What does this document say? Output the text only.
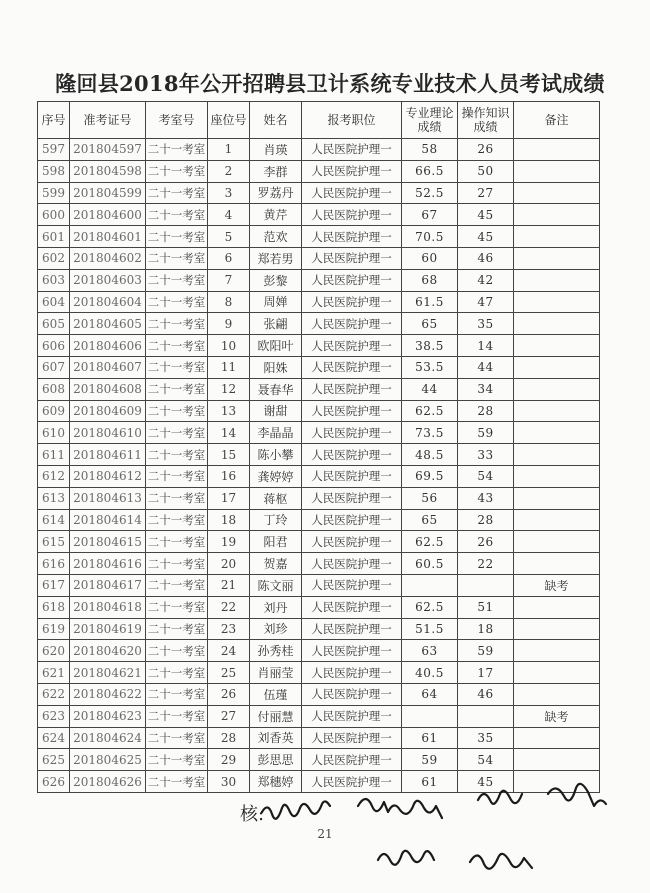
隆回县2018年公开招聘县卫计系统专业技术人员考试成绩
序号	准考证号	考室号	座位号	姓名	报考职位	专业理论成绩	操作知识成绩	备注
597	201804597	二十一考室	1	肖瑛	人民医院护理一	58	26	
598	201804598	二十一考室	2	李群	人民医院护理一	66.5	50	
599	201804599	二十一考室	3	罗荔丹	人民医院护理一	52.5	27	
600	201804600	二十一考室	4	黄芹	人民医院护理一	67	45	
601	201804601	二十一考室	5	范欢	人民医院护理一	70.5	45	
602	201804602	二十一考室	6	郑若男	人民医院护理一	60	46	
603	201804603	二十一考室	7	彭黎	人民医院护理一	68	42	
604	201804604	二十一考室	8	周婵	人民医院护理一	61.5	47	
605	201804605	二十一考室	9	张翩	人民医院护理一	65	35	
606	201804606	二十一考室	10	欧阳叶	人民医院护理一	38.5	14	
607	201804607	二十一考室	11	阳姝	人民医院护理一	53.5	44	
608	201804608	二十一考室	12	聂春华	人民医院护理一	44	34	
609	201804609	二十一考室	13	谢甜	人民医院护理一	62.5	28	
610	201804610	二十一考室	14	李晶晶	人民医院护理一	73.5	59	
611	201804611	二十一考室	15	陈小攀	人民医院护理一	48.5	33	
612	201804612	二十一考室	16	龚婷婷	人民医院护理一	69.5	54	
613	201804613	二十一考室	17	蒋枢	人民医院护理一	56	43	
614	201804614	二十一考室	18	丁玲	人民医院护理一	65	28	
615	201804615	二十一考室	19	阳君	人民医院护理一	62.5	26	
616	201804616	二十一考室	20	贺嘉	人民医院护理一	60.5	22	
617	201804617	二十一考室	21	陈文丽	人民医院护理一			缺考
618	201804618	二十一考室	22	刘丹	人民医院护理一	62.5	51	
619	201804619	二十一考室	23	刘珍	人民医院护理一	51.5	18	
620	201804620	二十一考室	24	孙秀桂	人民医院护理一	63	59	
621	201804621	二十一考室	25	肖丽莹	人民医院护理一	40.5	17	
622	201804622	二十一考室	26	伍瑾	人民医院护理一	64	46	
623	201804623	二十一考室	27	付丽慧	人民医院护理一			缺考
624	201804624	二十一考室	28	刘香英	人民医院护理一	61	35	
625	201804625	二十一考室	29	彭思思	人民医院护理一	59	54	
626	201804626	二十一考室	30	郑穗婷	人民医院护理一	61	45	
核:
21
